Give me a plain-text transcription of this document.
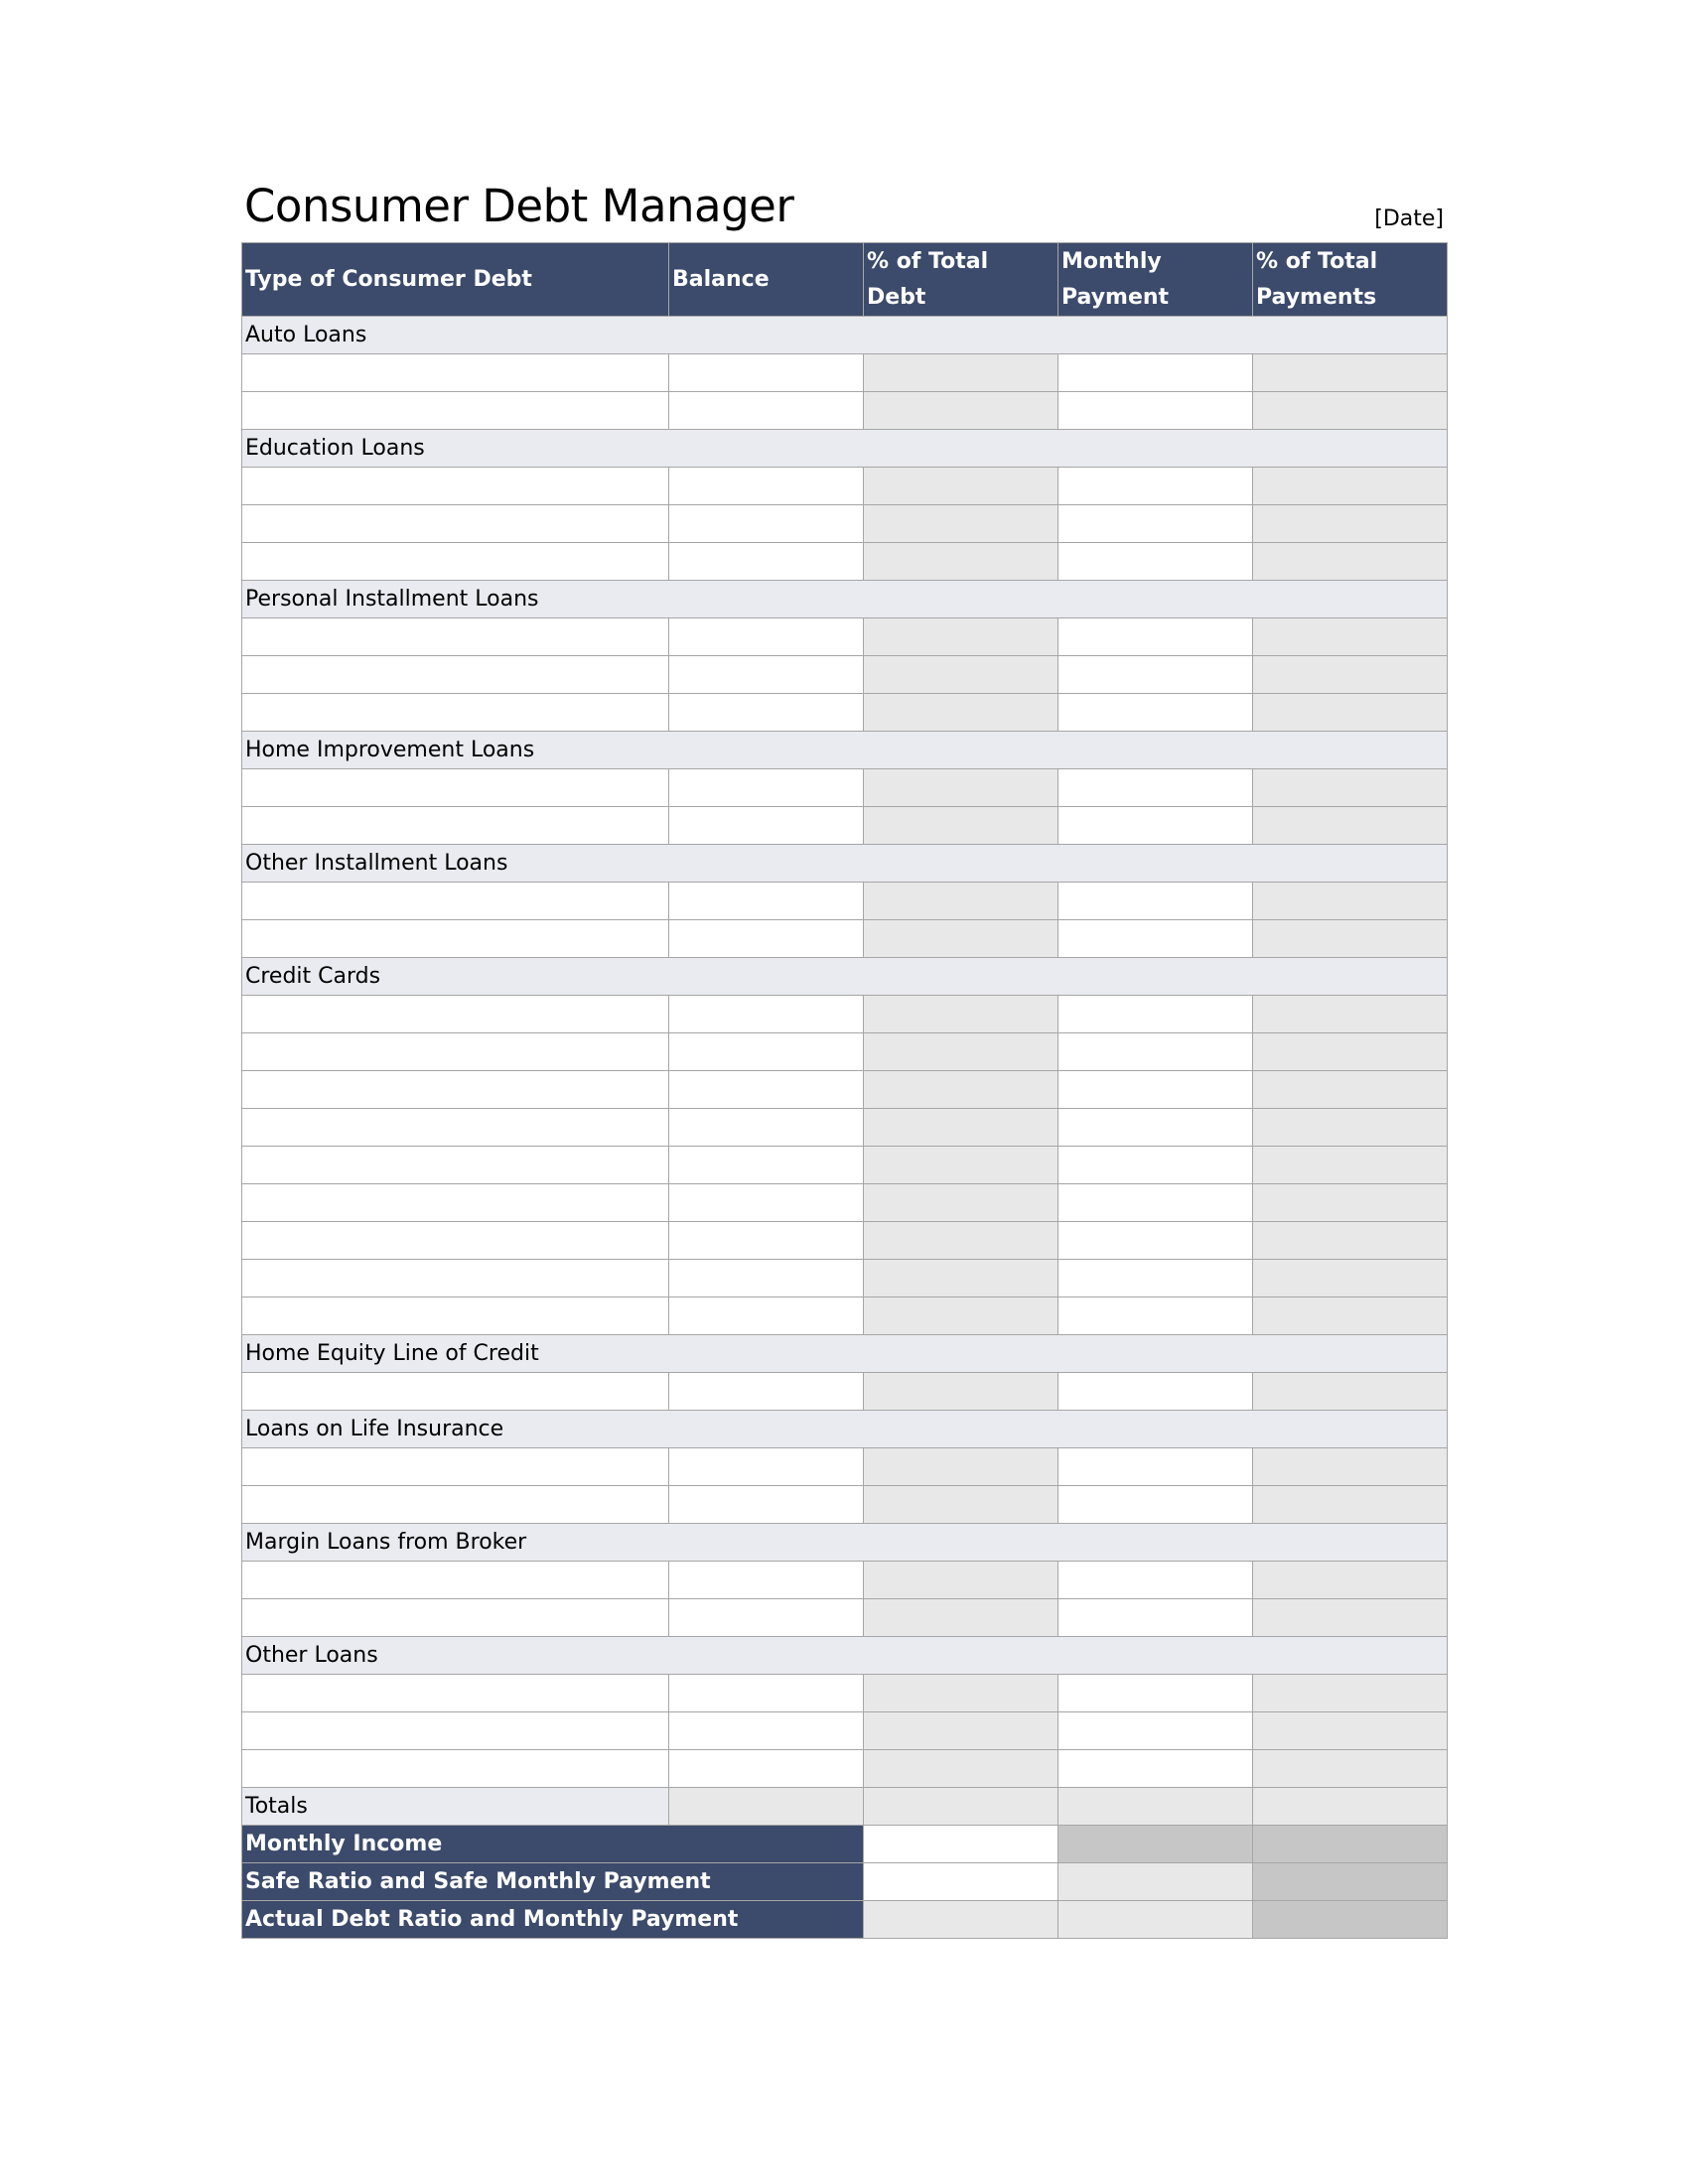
Consumer Debt Manager	[Date]
Type of Consumer Debt	Balance	% of Total Debt	Monthly Payment	% of Total Payments
Auto Loans				

Education Loans				

Personal Installment Loans				

Home Improvement Loans				

Other Installment Loans				

Credit Cards				

Home Equity Line of Credit				

Loans on Life Insurance				

Margin Loans from Broker				

Other Loans				

Totals				
Monthly Income				
Safe Ratio and Safe Monthly Payment				
Actual Debt Ratio and Monthly Payment				
